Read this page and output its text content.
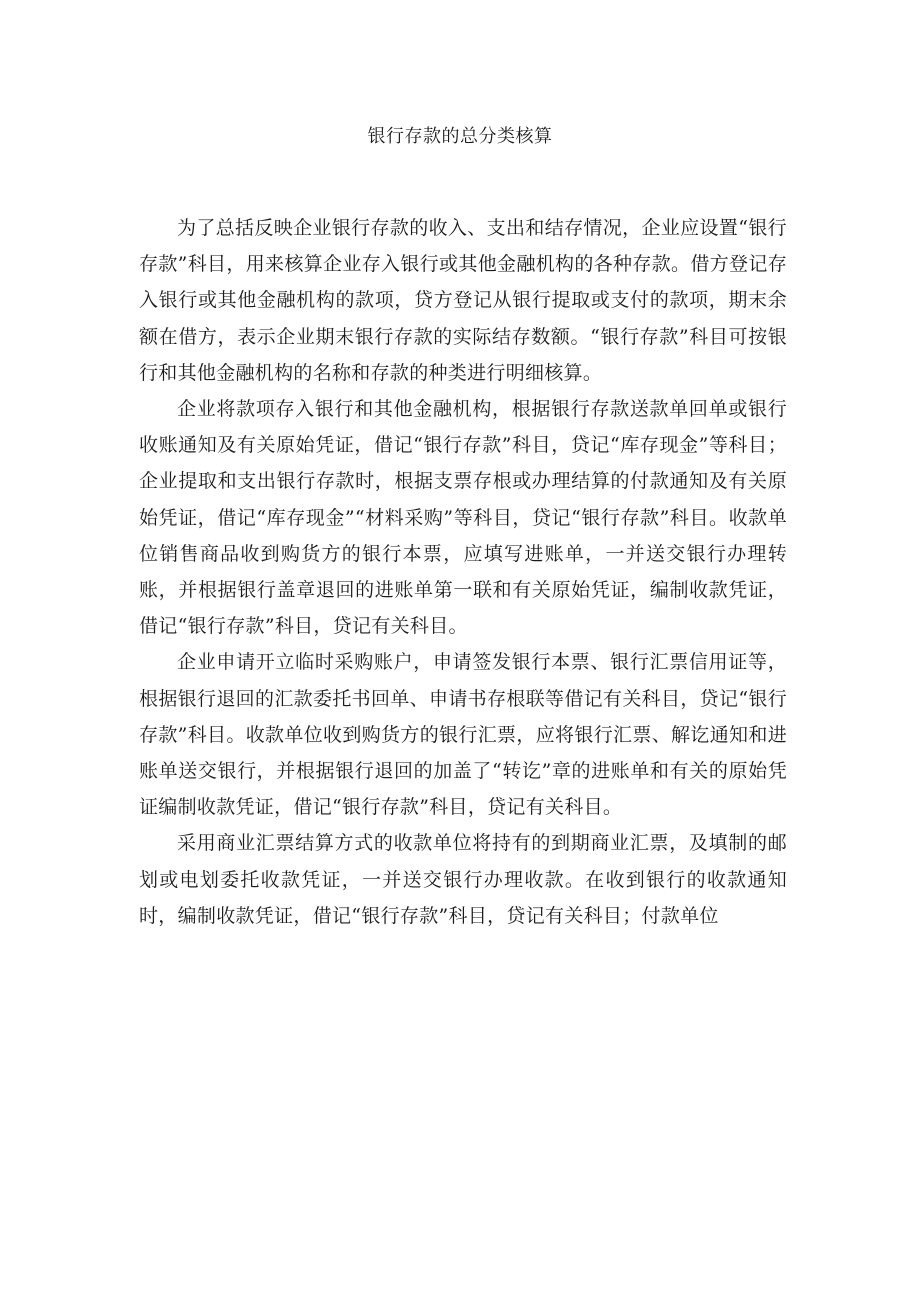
银行存款的总分类核算

为了总括反映企业银行存款的收入、支出和结存情况，企业应设置“银行存款”科目，用来核算企业存入银行或其他金融机构的各种存款。借方登记存入银行或其他金融机构的款项，贷方登记从银行提取或支付的款项，期末余额在借方，表示企业期末银行存款的实际结存数额。“银行存款”科目可按银行和其他金融机构的名称和存款的种类进行明细核算。

企业将款项存入银行和其他金融机构，根据银行存款送款单回单或银行收账通知及有关原始凭证，借记“银行存款”科目，贷记“库存现金”等科目；企业提取和支出银行存款时，根据支票存根或办理结算的付款通知及有关原始凭证，借记“库存现金”“材料采购”等科目，贷记“银行存款”科目。收款单位销售商品收到购货方的银行本票，应填写进账单，一并送交银行办理转账，并根据银行盖章退回的进账单第一联和有关原始凭证，编制收款凭证，借记“银行存款”科目，贷记有关科目。

企业申请开立临时采购账户，申请签发银行本票、银行汇票信用证等，根据银行退回的汇款委托书回单、申请书存根联等借记有关科目，贷记“银行存款”科目。收款单位收到购货方的银行汇票，应将银行汇票、解讫通知和进账单送交银行，并根据银行退回的加盖了“转讫”章的进账单和有关的原始凭证编制收款凭证，借记“银行存款”科目，贷记有关科目。

采用商业汇票结算方式的收款单位将持有的到期商业汇票，及填制的邮划或电划委托收款凭证，一并送交银行办理收款。在收到银行的收款通知时，编制收款凭证，借记“银行存款”科目，贷记有关科目；付款单位
